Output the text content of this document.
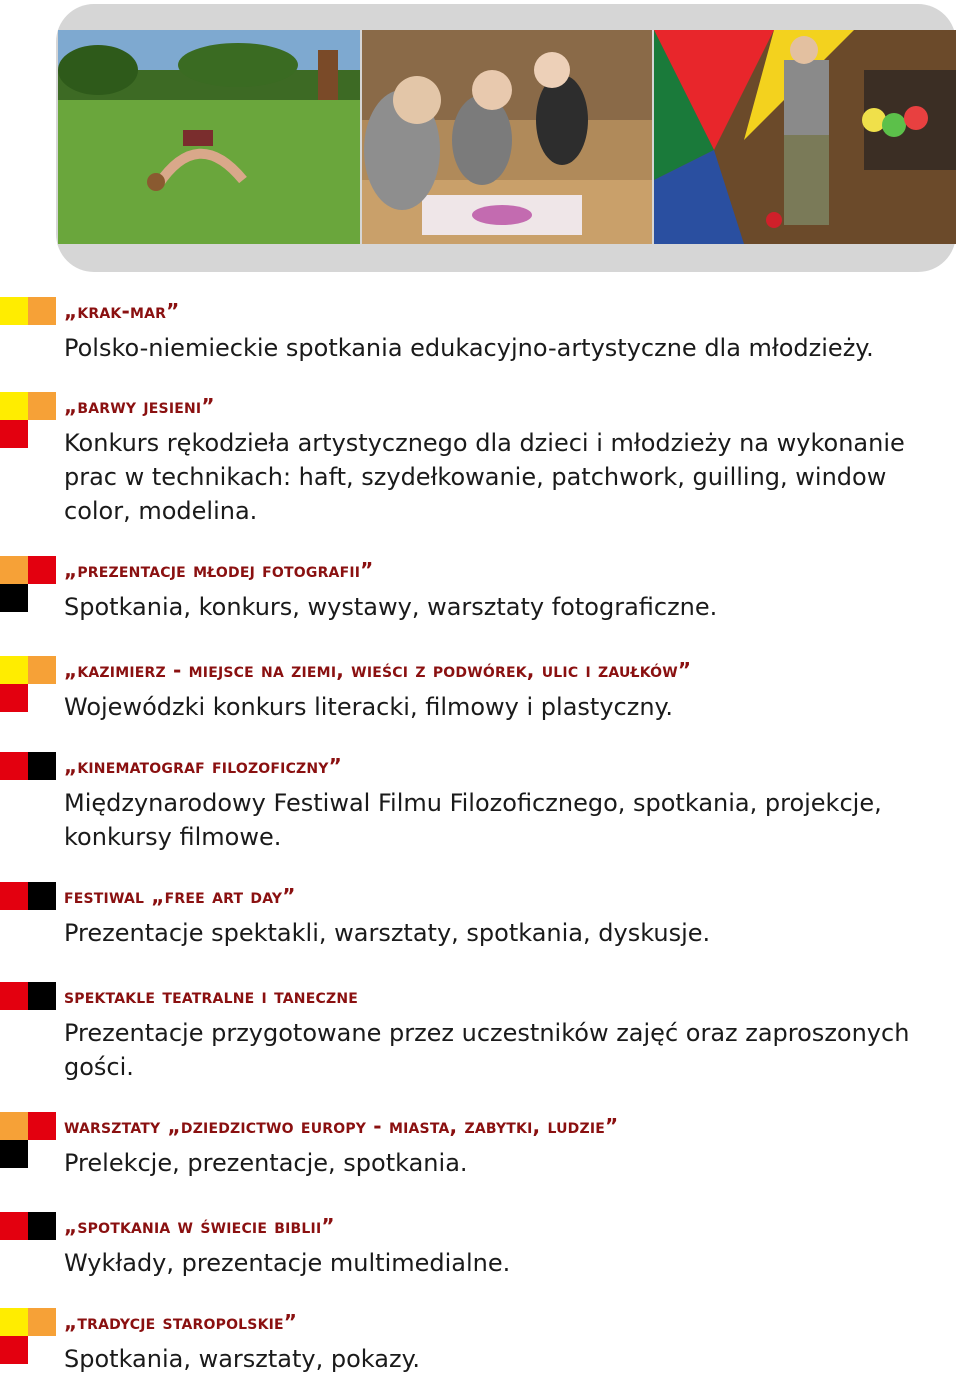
„krak-mar”
Polsko-niemieckie spotkania edukacyjno-artystyczne dla młodzieży.
„barwy jesieni”
Konkurs rękodzieła artystycznego dla dzieci i młodzieży na wykonanie prac w technikach: haft, szydełkowanie, patchwork, guilling, window color, modelina.
„prezentacje młodej fotografii”
Spotkania, konkurs, wystawy, warsztaty fotograficzne.
„kazimierz - miejsce na ziemi, wieści z podwórek, ulic i zaułków”
Wojewódzki konkurs literacki, filmowy i plastyczny.
„kinematograf filozoficzny”
Międzynarodowy Festiwal Filmu Filozoficznego, spotkania, projekcje, konkursy filmowe.
festiwal „free art day”
Prezentacje spektakli, warsztaty, spotkania, dyskusje.
spektakle teatralne i taneczne
Prezentacje przygotowane przez uczestników zajęć oraz zaproszonych gości.
warsztaty „dziedzictwo europy - miasta, zabytki, ludzie”
Prelekcje, prezentacje, spotkania.
„spotkania w świecie biblii”
Wykłady, prezentacje multimedialne.
„tradycje staropolskie”
Spotkania, warsztaty, pokazy.
